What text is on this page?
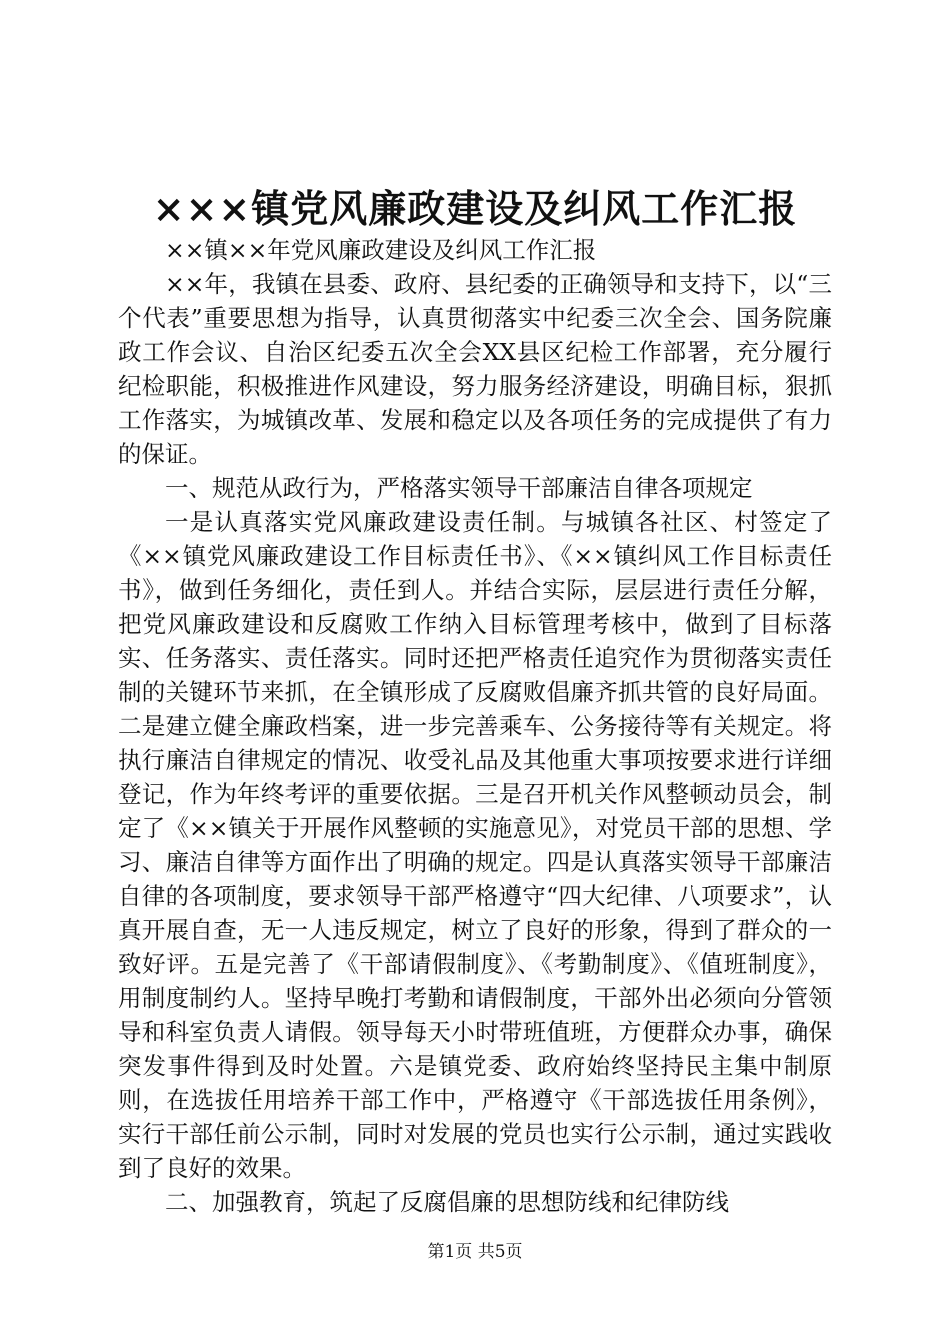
×××镇党风廉政建设及纠风工作汇报

××镇××年党风廉政建设及纠风工作汇报

××年，我镇在县委、政府、县纪委的正确领导和支持下，以“三个代表”重要思想为指导，认真贯彻落实中纪委三次全会、国务院廉政工作会议、自治区纪委五次全会XX县区纪检工作部署，充分履行纪检职能，积极推进作风建设，努力服务经济建设，明确目标，狠抓工作落实，为城镇改革、发展和稳定以及各项任务的完成提供了有力的保证。

一、规范从政行为，严格落实领导干部廉洁自律各项规定

一是认真落实党风廉政建设责任制。与城镇各社区、村签定了《××镇党风廉政建设工作目标责任书》、《××镇纠风工作目标责任书》，做到任务细化，责任到人。并结合实际，层层进行责任分解，把党风廉政建设和反腐败工作纳入目标管理考核中，做到了目标落实、任务落实、责任落实。同时还把严格责任追究作为贯彻落实责任制的关键环节来抓，在全镇形成了反腐败倡廉齐抓共管的良好局面。二是建立健全廉政档案，进一步完善乘车、公务接待等有关规定。将执行廉洁自律规定的情况、收受礼品及其他重大事项按要求进行详细登记，作为年终考评的重要依据。三是召开机关作风整顿动员会，制定了《××镇关于开展作风整顿的实施意见》，对党员干部的思想、学习、廉洁自律等方面作出了明确的规定。四是认真落实领导干部廉洁自律的各项制度，要求领导干部严格遵守“四大纪律、八项要求”，认真开展自查，无一人违反规定，树立了良好的形象，得到了群众的一致好评。五是完善了《干部请假制度》、《考勤制度》、《值班制度》，用制度制约人。坚持早晚打考勤和请假制度，干部外出必须向分管领导和科室负责人请假。领导每天小时带班值班，方便群众办事，确保突发事件得到及时处置。六是镇党委、政府始终坚持民主集中制原则，在选拔任用培养干部工作中，严格遵守《干部选拔任用条例》，实行干部任前公示制，同时对发展的党员也实行公示制，通过实践收到了良好的效果。

二、加强教育，筑起了反腐倡廉的思想防线和纪律防线

第1页 共5页
